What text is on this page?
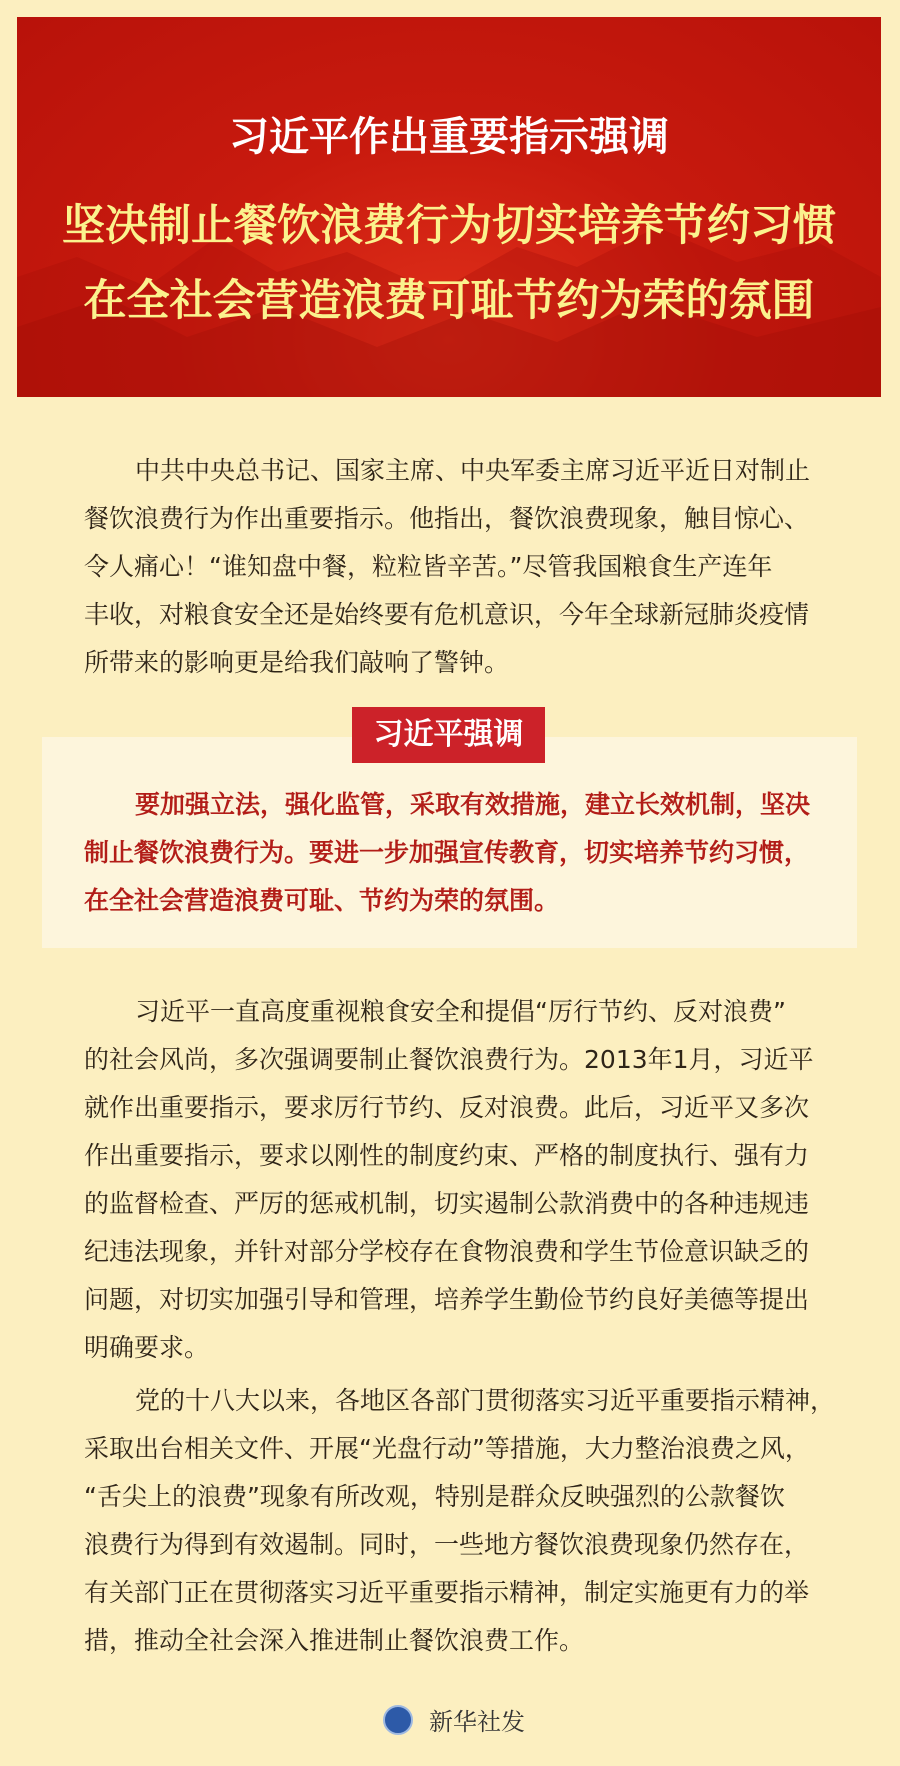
习近平作出重要指示强调
坚决制止餐饮浪费行为切实培养节约习惯
在全社会营造浪费可耻节约为荣的氛围
中共中央总书记、国家主席、中央军委主席习近平近日对制止
餐饮浪费行为作出重要指示。他指出，餐饮浪费现象，触目惊心、
令人痛心！“谁知盘中餐，粒粒皆辛苦。”尽管我国粮食生产连年
丰收，对粮食安全还是始终要有危机意识，今年全球新冠肺炎疫情
所带来的影响更是给我们敲响了警钟。
习近平强调
要加强立法，强化监管，采取有效措施，建立长效机制，坚决
制止餐饮浪费行为。要进一步加强宣传教育，切实培养节约习惯，
在全社会营造浪费可耻、节约为荣的氛围。
习近平一直高度重视粮食安全和提倡“厉行节约、反对浪费”
的社会风尚，多次强调要制止餐饮浪费行为。2013年1月，习近平
就作出重要指示，要求厉行节约、反对浪费。此后，习近平又多次
作出重要指示，要求以刚性的制度约束、严格的制度执行、强有力
的监督检查、严厉的惩戒机制，切实遏制公款消费中的各种违规违
纪违法现象，并针对部分学校存在食物浪费和学生节俭意识缺乏的
问题，对切实加强引导和管理，培养学生勤俭节约良好美德等提出
明确要求。
党的十八大以来，各地区各部门贯彻落实习近平重要指示精神，
采取出台相关文件、开展“光盘行动”等措施，大力整治浪费之风，
“舌尖上的浪费”现象有所改观，特别是群众反映强烈的公款餐饮
浪费行为得到有效遏制。同时，一些地方餐饮浪费现象仍然存在，
有关部门正在贯彻落实习近平重要指示精神，制定实施更有力的举
措，推动全社会深入推进制止餐饮浪费工作。
新华社发
